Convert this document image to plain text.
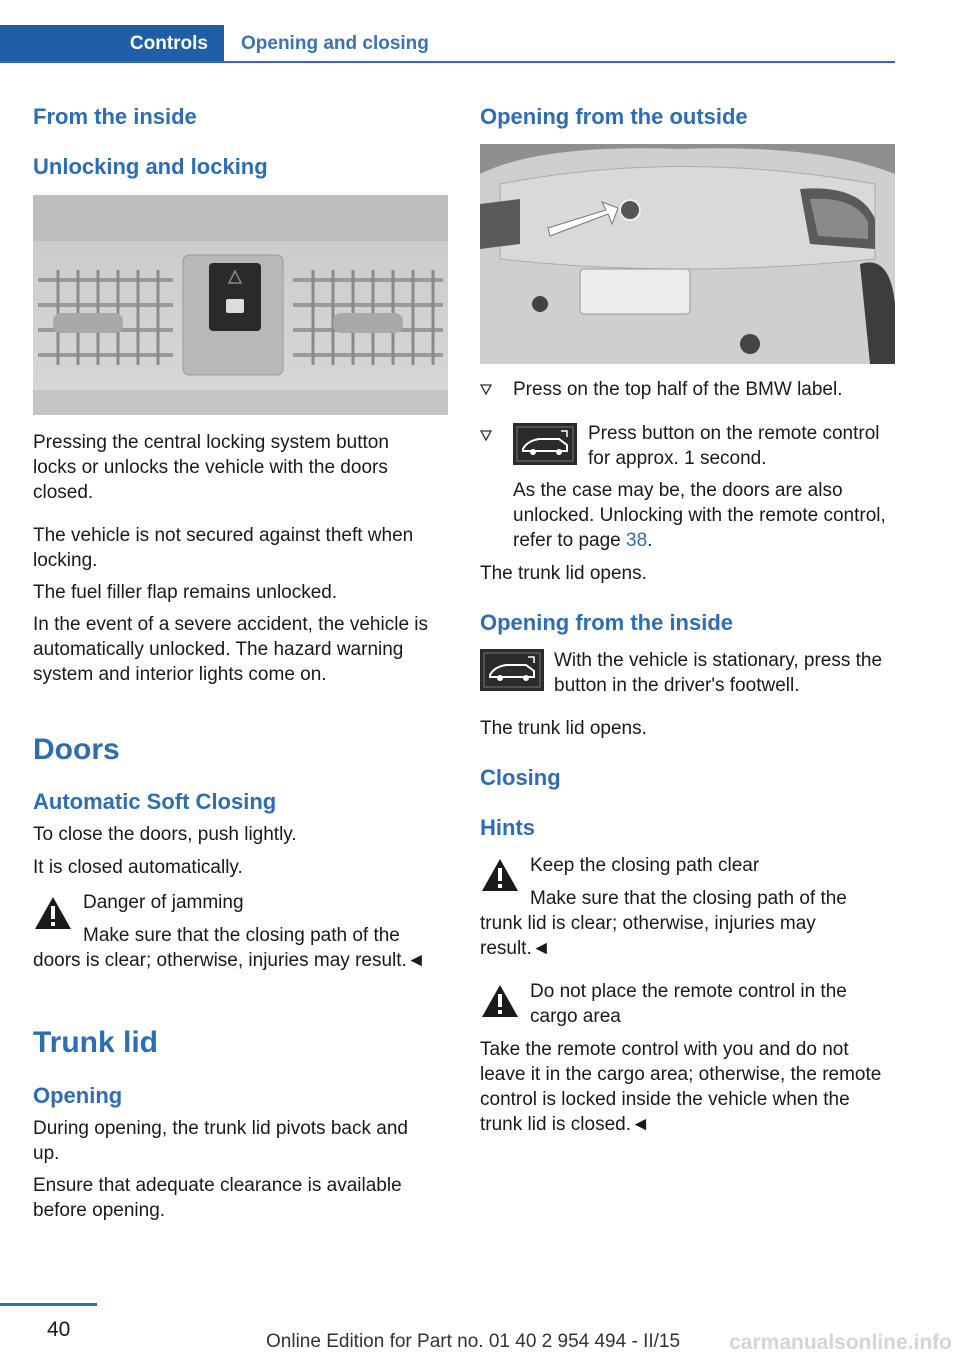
Controls	Opening and closing
From the inside
Unlocking and locking

Pressing the central locking system button locks or unlocks the vehicle with the doors closed.

The vehicle is not secured against theft when locking.

The fuel filler flap remains unlocked.

In the event of a severe accident, the vehicle is automatically unlocked. The hazard warning system and interior lights come on.

Doors
Automatic Soft Closing

To close the doors, push lightly.

It is closed automatically.

Danger of jamming

Make sure that the closing path of the doors is clear; otherwise, injuries may result.◄

Trunk lid
Opening

During opening, the trunk lid pivots back and up.

Ensure that adequate clearance is available before opening.

Opening from the outside

Press on the top half of the BMW label.

Press button on the remote control for approx. 1 second.

As the case may be, the doors are also unlocked. Unlocking with the remote control, refer to page 38.

The trunk lid opens.

Opening from the inside

With the vehicle is stationary, press the button in the driver's footwell.

The trunk lid opens.

Closing
Hints

Keep the closing path clear

Make sure that the closing path of the trunk lid is clear; otherwise, injuries may result.◄

Do not place the remote control in the cargo area

Take the remote control with you and do not leave it in the cargo area; otherwise, the remote control is locked inside the vehicle when the trunk lid is closed.◄

40
Online Edition for Part no. 01 40 2 954 494 - II/15 carmanualsonline.info
